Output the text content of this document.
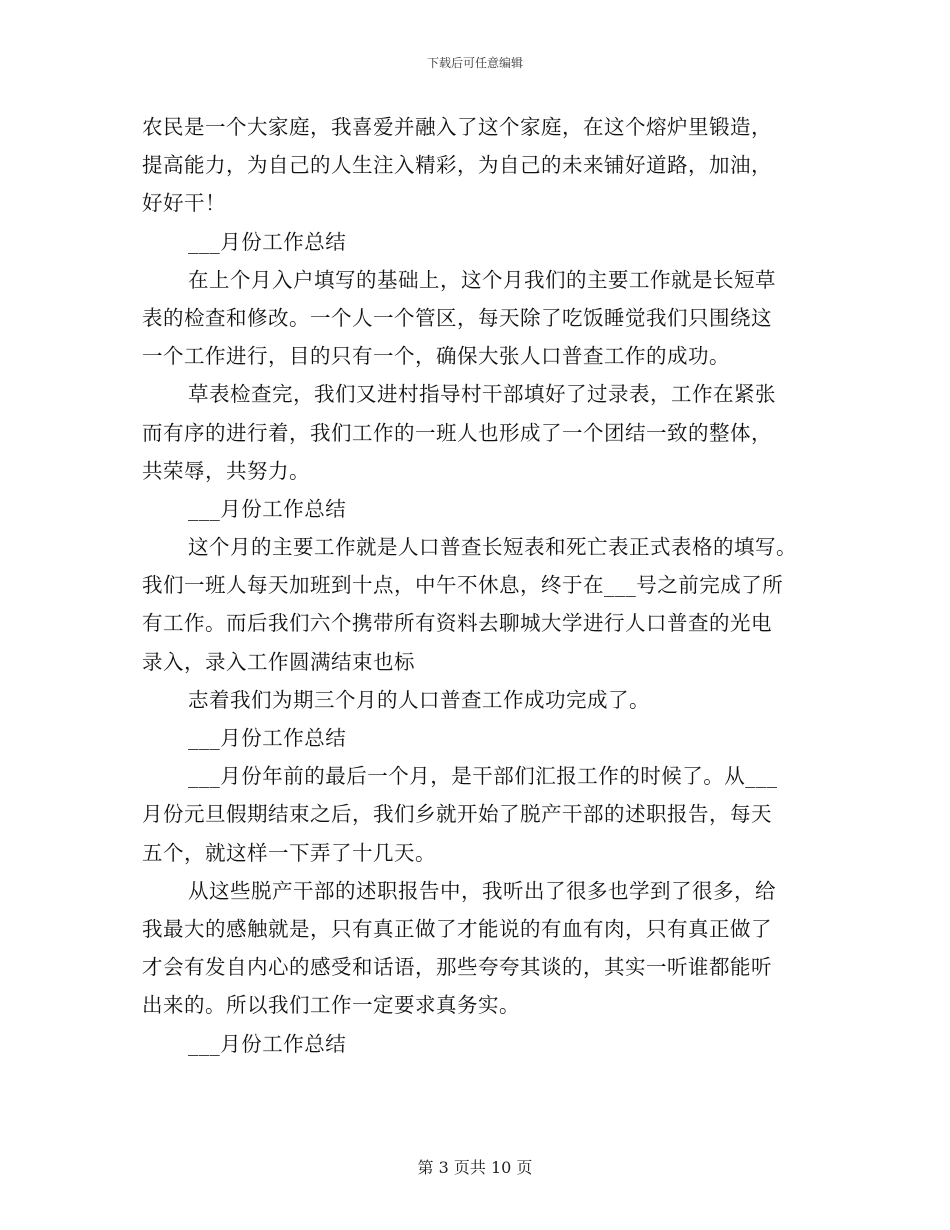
下载后可任意编辑
农民是一个大家庭，我喜爱并融入了这个家庭，在这个熔炉里锻造，
提高能力，为自己的人生注入精彩，为自己的未来铺好道路，加油，
好好干！
___月份工作总结
在上个月入户填写的基础上，这个月我们的主要工作就是长短草
表的检查和修改。一个人一个管区，每天除了吃饭睡觉我们只围绕这
一个工作进行，目的只有一个，确保大张人口普查工作的成功。
草表检查完，我们又进村指导村干部填好了过录表，工作在紧张
而有序的进行着，我们工作的一班人也形成了一个团结一致的整体，
共荣辱，共努力。
___月份工作总结
这个月的主要工作就是人口普查长短表和死亡表正式表格的填写。
我们一班人每天加班到十点，中午不休息，终于在___号之前完成了所
有工作。而后我们六个携带所有资料去聊城大学进行人口普查的光电
录入，录入工作圆满结束也标
志着我们为期三个月的人口普查工作成功完成了。
___月份工作总结
___月份年前的最后一个月，是干部们汇报工作的时候了。从___
月份元旦假期结束之后，我们乡就开始了脱产干部的述职报告，每天
五个，就这样一下弄了十几天。
从这些脱产干部的述职报告中，我听出了很多也学到了很多，给
我最大的感触就是，只有真正做了才能说的有血有肉，只有真正做了
才会有发自内心的感受和话语，那些夸夸其谈的，其实一听谁都能听
出来的。所以我们工作一定要求真务实。
___月份工作总结
第 3 页共 10 页
